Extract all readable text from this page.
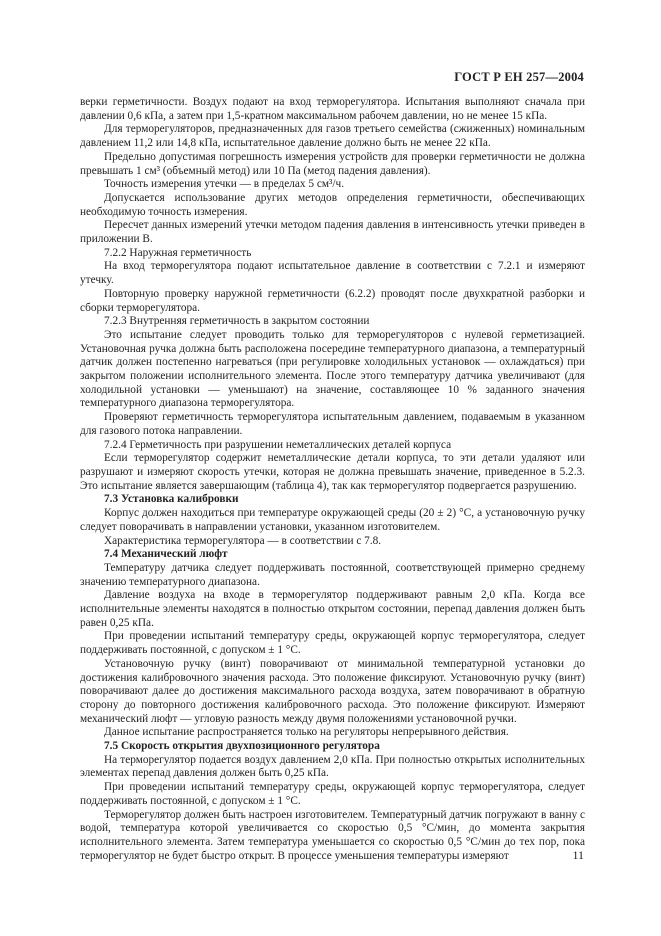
ГОСТ Р ЕН 257—2004

верки герметичности. Воздух подают на вход терморегулятора. Испытания выполняют сначала при давлении 0,6 кПа, а затем при 1,5-кратном максимальном рабочем давлении, но не менее 15 кПа.

Для терморегуляторов, предназначенных для газов третьего семейства (сжиженных) номинальным давлением 11,2 или 14,8 кПа, испытательное давление должно быть не менее 22 кПа.

Предельно допустимая погрешность измерения устройств для проверки герметичности не должна превышать 1 см³ (объемный метод) или 10 Па (метод падения давления).

Точность измерения утечки — в пределах 5 см³/ч.

Допускается использование других методов определения герметичности, обеспечивающих необходимую точность измерения.

Пересчет данных измерений утечки методом падения давления в интенсивность утечки приведен в приложении В.

7.2.2 Наружная герметичность

На вход терморегулятора подают испытательное давление в соответствии с 7.2.1 и измеряют утечку.

Повторную проверку наружной герметичности (6.2.2) проводят после двухкратной разборки и сборки терморегулятора.

7.2.3 Внутренняя герметичность в закрытом состоянии

Это испытание следует проводить только для терморегуляторов с нулевой герметизацией. Установочная ручка должна быть расположена посередине температурного диапазона, а температурный датчик должен постепенно нагреваться (при регулировке холодильных установок — охлаждаться) при закрытом положении исполнительного элемента. После этого температуру датчика увеличивают (для холодильной установки — уменьшают) на значение, составляющее 10 % заданного значения температурного диапазона терморегулятора.

Проверяют герметичность терморегулятора испытательным давлением, подаваемым в указанном для газового потока направлении.

7.2.4 Герметичность при разрушении неметаллических деталей корпуса

Если терморегулятор содержит неметаллические детали корпуса, то эти детали удаляют или разрушают и измеряют скорость утечки, которая не должна превышать значение, приведенное в 5.2.3. Это испытание является завершающим (таблица 4), так как терморегулятор подвергается разрушению.

7.3 Установка калибровки

Корпус должен находиться при температуре окружающей среды (20 ± 2) °С, а установочную ручку следует поворачивать в направлении установки, указанном изготовителем.

Характеристика терморегулятора — в соответствии с 7.8.

7.4 Механический люфт

Температуру датчика следует поддерживать постоянной, соответствующей примерно среднему значению температурного диапазона.

Давление воздуха на входе в терморегулятор поддерживают равным 2,0 кПа. Когда все исполнительные элементы находятся в полностью открытом состоянии, перепад давления должен быть равен 0,25 кПа.

При проведении испытаний температуру среды, окружающей корпус терморегулятора, следует поддерживать постоянной, с допуском ± 1 °С.

Установочную ручку (винт) поворачивают от минимальной температурной установки до достижения калибровочного значения расхода. Это положение фиксируют. Установочную ручку (винт) поворачивают далее до достижения максимального расхода воздуха, затем поворачивают в обратную сторону до повторного достижения калибровочного расхода. Это положение фиксируют. Измеряют механический люфт — угловую разность между двумя положениями установочной ручки.

Данное испытание распространяется только на регуляторы непрерывного действия.

7.5 Скорость открытия двухпозиционного регулятора

На терморегулятор подается воздух давлением 2,0 кПа. При полностью открытых исполнительных элементах перепад давления должен быть 0,25 кПа.

При проведении испытаний температуру среды, окружающей корпус терморегулятора, следует поддерживать постоянной, с допуском ± 1 °С.

Терморегулятор должен быть настроен изготовителем. Температурный датчик погружают в ванну с водой, температура которой увеличивается со скоростью 0,5 °С/мин, до момента закрытия исполнительного элемента. Затем температура уменьшается со скоростью 0,5 °С/мин до тех пор, пока терморегулятор не будет быстро открыт. В процессе уменьшения температуры измеряют	11
